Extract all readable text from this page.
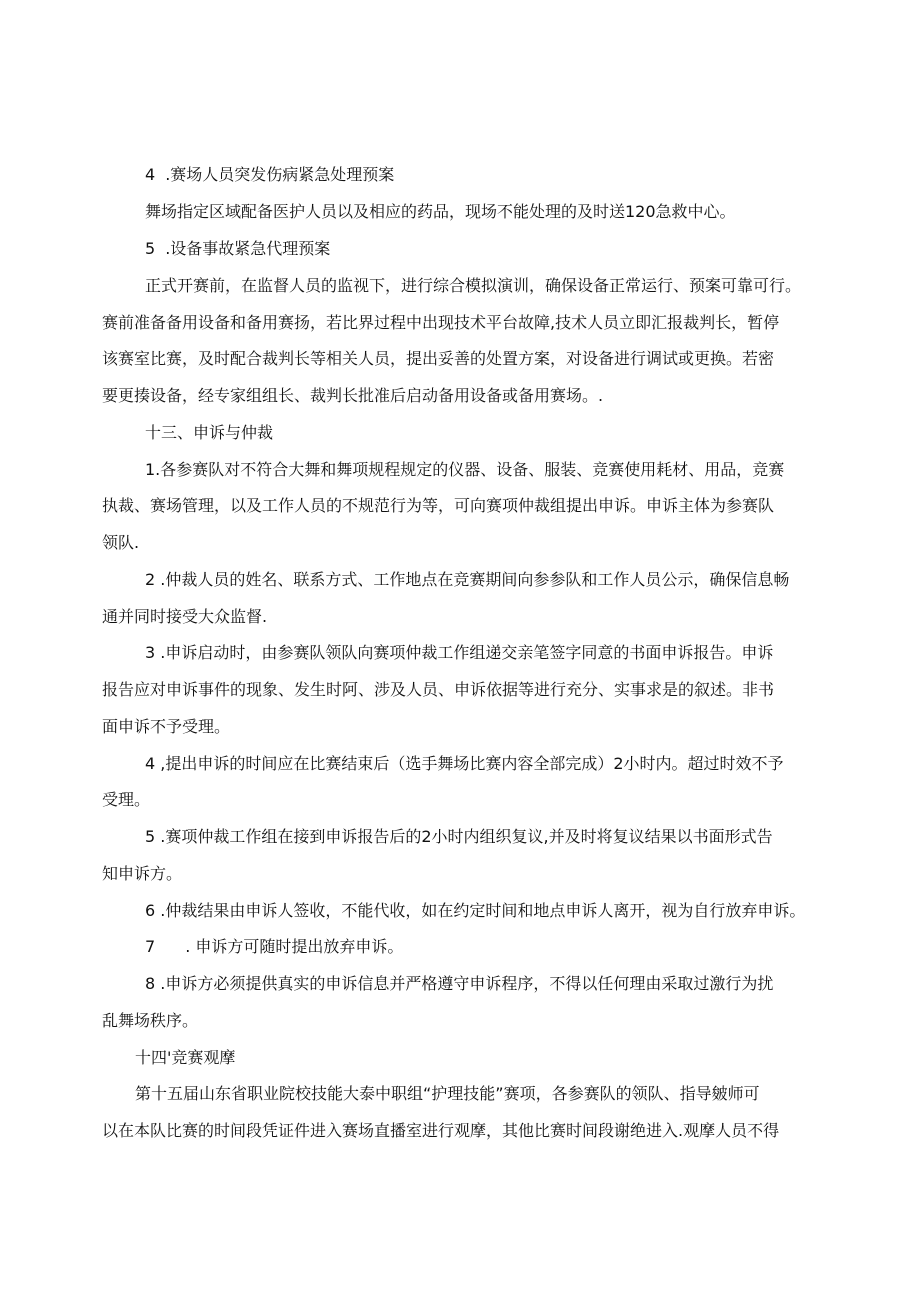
4 .赛场人员突发伤病紧急处理预案
舞场指定区域配备医护人员以及相应的药品，现场不能处理的及时送120急救中心。
5 .设备事故紧急代理预案
正式开赛前，在监督人员的监视下，进行综合模拟演训，确保设备正常运行、预案可靠可行。
赛前准备备用设备和备用赛扬，若比界过程中出现技术平台故障,技术人员立即汇报裁判长，暂停
该赛室比赛，及时配合裁判长等相关人员，提出妥善的处置方案，对设备进行调试或更换。若密
要更揍设备，经专家组组长、裁判长批准后启动备用设备或备用赛场。.
十三、申诉与仲裁
1.各参赛队对不符合大舞和舞项规程规定的仪器、设备、服装、竞赛使用耗材、用品，竞赛
执裁、赛场管理，以及工作人员的不规范行为等，可向赛项仲裁组提出申诉。申诉主体为参赛队
领队.
2 .仲裁人员的姓名、联系方式、工作地点在竞赛期间向参参队和工作人员公示，确保信息畅
通并同时接受大众监督.
3 .申诉启动时，由参赛队领队向赛项仲裁工作组递交亲笔签字同意的书面申诉报告。申诉
报告应对申诉事件的现象、发生时阿、涉及人员、申诉依据等进行充分、实事求是的叙述。非书
面申诉不予受理。
4 ,提出申诉的时间应在比赛结束后（选手舞场比赛内容全部完成）2小时内。超过时效不予
受理。
5 .赛项仲裁工作组在接到申诉报告后的2小时内组织复议,并及时将复议结果以书面形式告
知申诉方。
6 .仲裁结果由申诉人签收，不能代收，如在约定时间和地点申诉人离开，视为自行放弃申诉。
7 . 申诉方可随时提出放弃申诉。
8 .申诉方必须提供真实的申诉信息并严格遵守申诉程序，不得以任何理由采取过激行为扰
乱舞场秩序。
十四'竞赛观摩
第十五届山东省职业院校技能大泰中职组“护理技能”赛项，各参赛队的领队、指导皴师可
以在本队比赛的时间段凭证件进入赛场直播室进行观摩，其他比赛时间段谢绝进入.观摩人员不得
